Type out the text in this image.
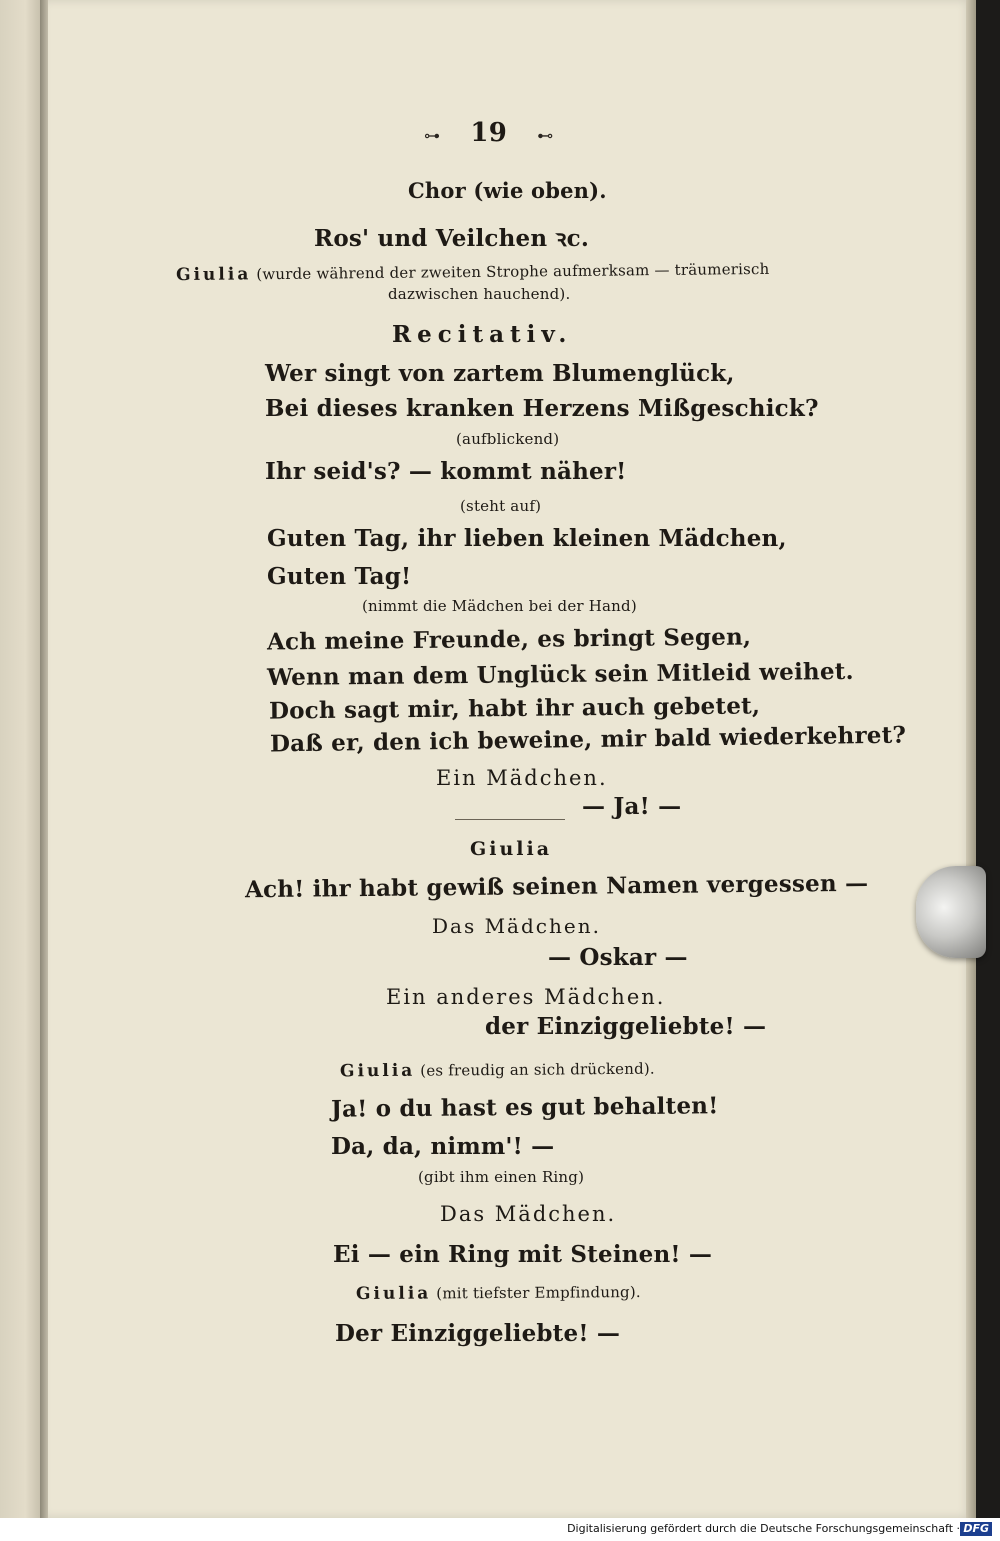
⊶ 19 ⊷
Chor (wie oben).
Ros' und Veilchen ꝛc.
Giulia (wurde während der zweiten Strophe aufmerksam — träumerisch
dazwischen hauchend).
Recitativ.
Wer singt von zartem Blumenglück,
Bei dieses kranken Herzens Mißgeschick?
(aufblickend)
Ihr seid's? — kommt näher!
(steht auf)
Guten Tag, ihr lieben kleinen Mädchen,
Guten Tag!
(nimmt die Mädchen bei der Hand)
Ach meine Freunde, es bringt Segen,
Wenn man dem Unglück sein Mitleid weihet.
Doch sagt mir, habt ihr auch gebetet,
Daß er, den ich beweine, mir bald wiederkehret?
Ein Mädchen.
— Ja! —
Giulia
Ach! ihr habt gewiß seinen Namen vergessen —
Das Mädchen.
— Oskar —
Ein anderes Mädchen.
der Einziggeliebte! —
Giulia (es freudig an sich drückend).
Ja! o du hast es gut behalten!
Da, da, nimm'! —
(gibt ihm einen Ring)
Das Mädchen.
Ei — ein Ring mit Steinen! —
Giulia (mit tiefster Empfindung).
Der Einziggeliebte! —
Digitalisierung gefördert durch die Deutsche Forschungsgemeinschaft · DFG
